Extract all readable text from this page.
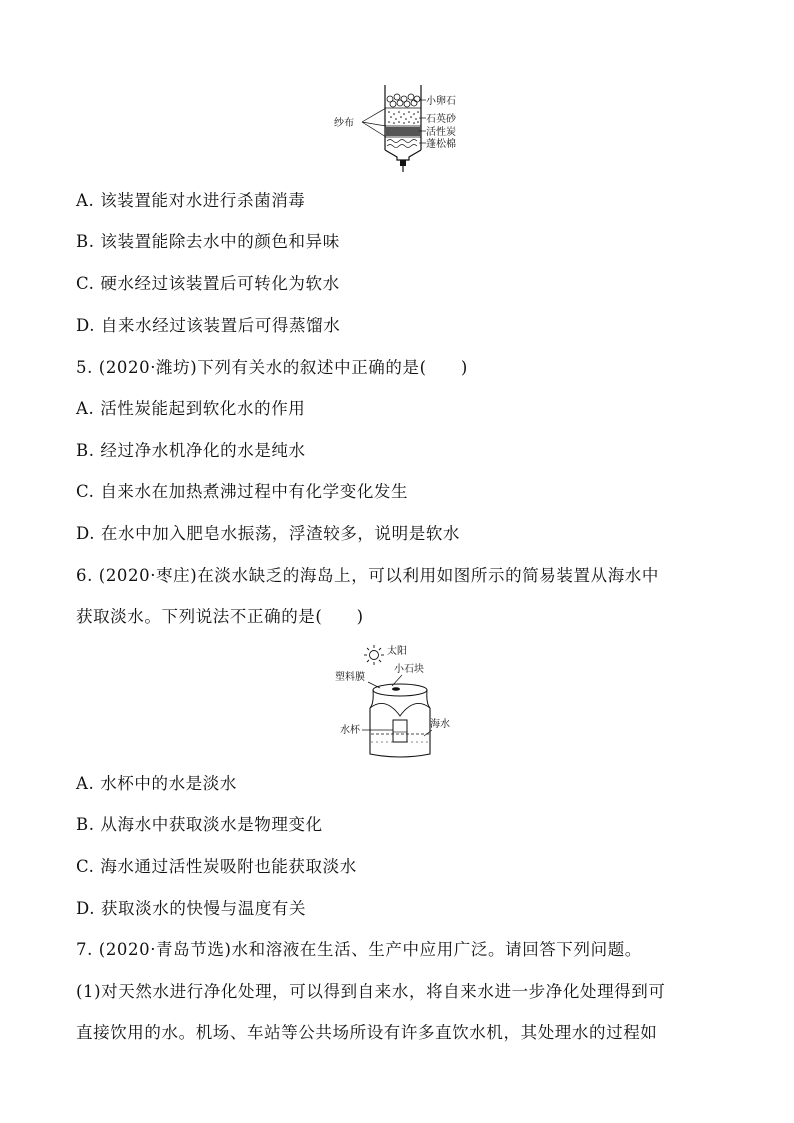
小卵石
纱布	石英砂
活性炭
蓬松棉
A. 该装置能对水进行杀菌消毒
B. 该装置能除去水中的颜色和异味
C. 硬水经过该装置后可转化为软水
D. 自来水经过该装置后可得蒸馏水
5. (2020·潍坊)下列有关水的叙述中正确的是(　　)
A. 活性炭能起到软化水的作用
B. 经过净水机净化的水是纯水
C. 自来水在加热煮沸过程中有化学变化发生
D. 在水中加入肥皂水振荡，浮渣较多，说明是软水
6. (2020·枣庄)在淡水缺乏的海岛上，可以利用如图所示的简易装置从海水中
获取淡水。下列说法不正确的是(　　)
太阳
小石块
塑料膜
海水
水杯
A. 水杯中的水是淡水
B. 从海水中获取淡水是物理变化
C. 海水通过活性炭吸附也能获取淡水
D. 获取淡水的快慢与温度有关
7. (2020·青岛节选)水和溶液在生活、生产中应用广泛。请回答下列问题。
(1)对天然水进行净化处理，可以得到自来水，将自来水进一步净化处理得到可
直接饮用的水。机场、车站等公共场所设有许多直饮水机，其处理水的过程如
